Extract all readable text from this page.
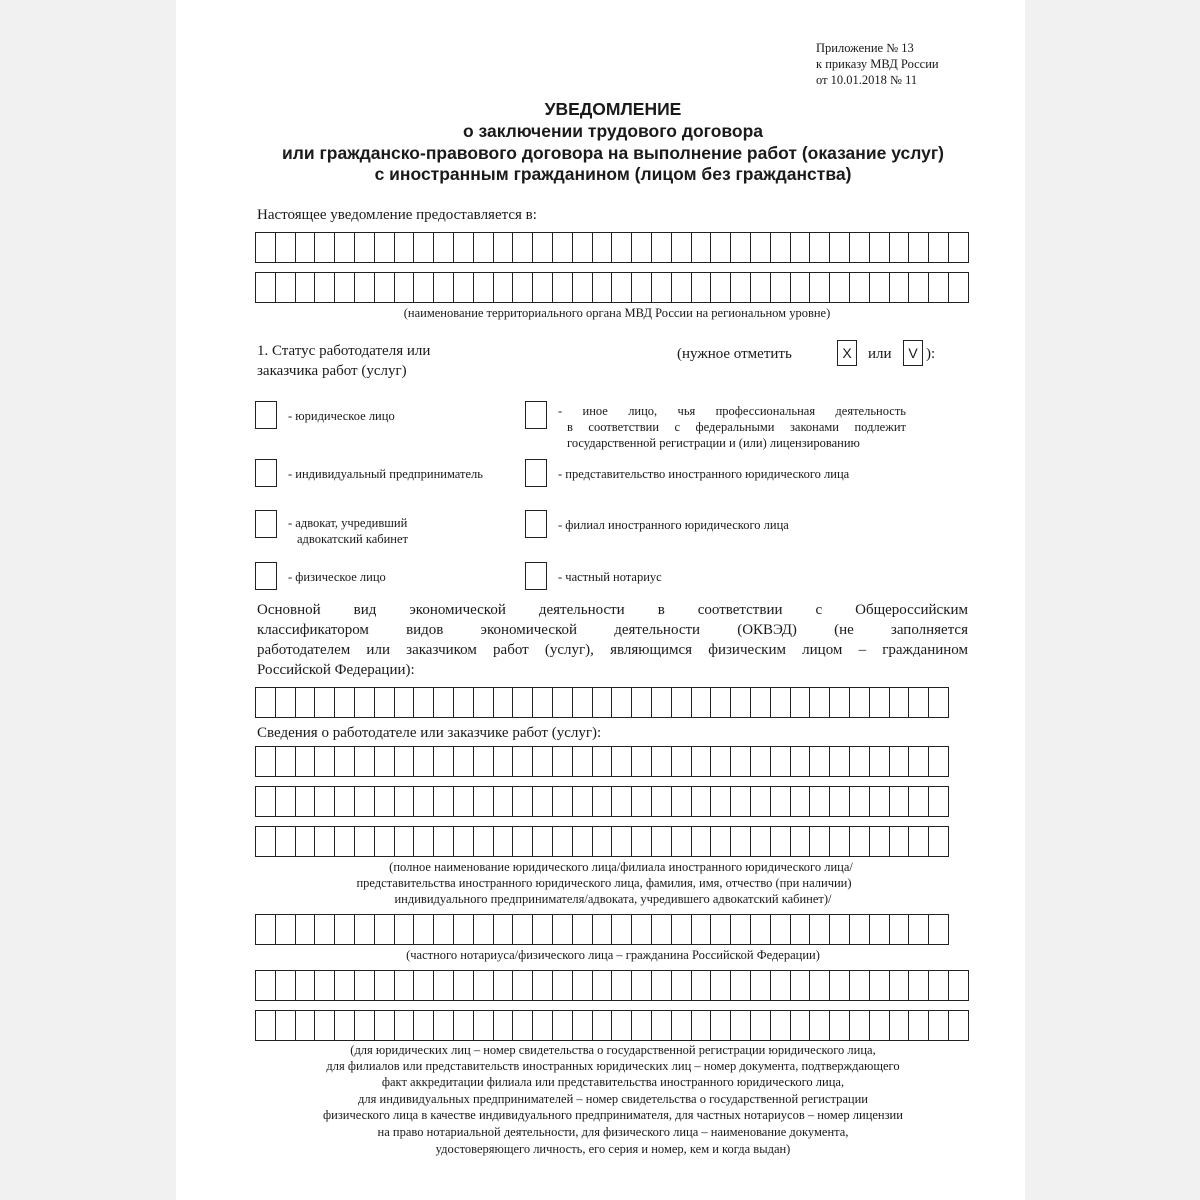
Приложение № 13
к приказу МВД России
от 10.01.2018 № 11
УВЕДОМЛЕНИЕ
о заключении трудового договора
или гражданско-правового договора на выполнение работ (оказание услуг)
с иностранным гражданином (лицом без гражданства)
Настоящее уведомление предоставляется в:
(наименование территориального органа МВД России на региональном уровне)
1. Статус работодателя или
заказчика работ (услуг)
(нужное отметить	X	или	V ):
- юридическое лицо
- индивидуальный предприниматель
- адвокат, учредивший
адвокатский кабинет
- физическое лицо
- иное лицо, чья профессиональная деятельность
в соответствии с федеральными законами подлежит
государственной регистрации и (или) лицензированию
- представительство иностранного юридического лица
- филиал иностранного юридического лица
- частный нотариус
Основной вид экономической деятельности в соответствии с Общероссийским
классификатором видов экономической деятельности (ОКВЭД) (не заполняется
работодателем или заказчиком работ (услуг), являющимся физическим лицом – гражданином
Российской Федерации):
Сведения о работодателе или заказчике работ (услуг):
(полное наименование юридического лица/филиала иностранного юридического лица/
представительства иностранного юридического лица, фамилия, имя, отчество (при наличии)
индивидуального предпринимателя/адвоката, учредившего адвокатский кабинет)/
(частного нотариуса/физического лица – гражданина Российской Федерации)
(для юридических лиц – номер свидетельства о государственной регистрации юридического лица,
для филиалов или представительств иностранных юридических лиц – номер документа, подтверждающего
факт аккредитации филиала или представительства иностранного юридического лица,
для индивидуальных предпринимателей – номер свидетельства о государственной регистрации
физического лица в качестве индивидуального предпринимателя, для частных нотариусов – номер лицензии
на право нотариальной деятельности, для физического лица – наименование документа,
удостоверяющего личность, его серия и номер, кем и когда выдан)
